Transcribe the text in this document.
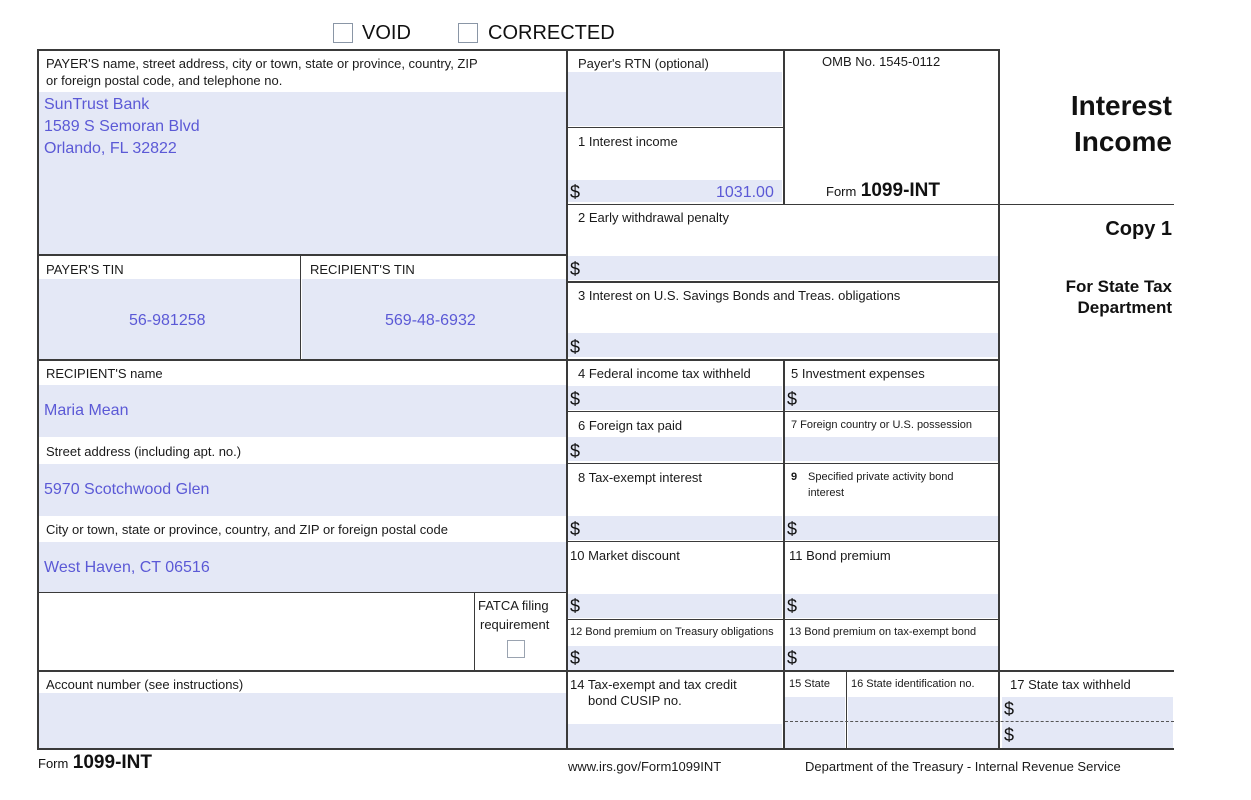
VOID	CORRECTED
PAYER'S name, street address, city or town, state or province, country, ZIP
or foreign postal code, and telephone no.
SunTrust Bank
1589 S Semoran Blvd
Orlando, FL 32822
Payer's RTN (optional)	OMB No. 1545-0112
Form 1099-INT
1 Interest income
$	1031.00
Interest
Income
Copy 1
For State Tax
Department
2 Early withdrawal penalty
$
PAYER'S TIN	RECIPIENT'S TIN
56-981258	569-48-6932
3 Interest on U.S. Savings Bonds and Treas. obligations
$
RECIPIENT'S name
Maria Mean
Street address (including apt. no.)
5970 Scotchwood Glen
City or town, state or province, country, and ZIP or foreign postal code
West Haven, CT 06516
4 Federal income tax withheld
$
5 Investment expenses
$
6 Foreign tax paid
$
7 Foreign country or U.S. possession
8 Tax-exempt interest
$
9 Specified private activity bond
interest
$
10 Market discount
$
11 Bond premium
$
FATCA filing
requirement 12 Bond premium on Treasury obligations
$
13 Bond premium on tax-exempt bond
$
Account number (see instructions)	14 Tax-exempt and tax credit
bond CUSIP no.
15 State 16 State identification no.	17 State tax withheld
$
$
Form 1099-INT	www.irs.gov/Form1099INT	Department of the Treasury - Internal Revenue Service
